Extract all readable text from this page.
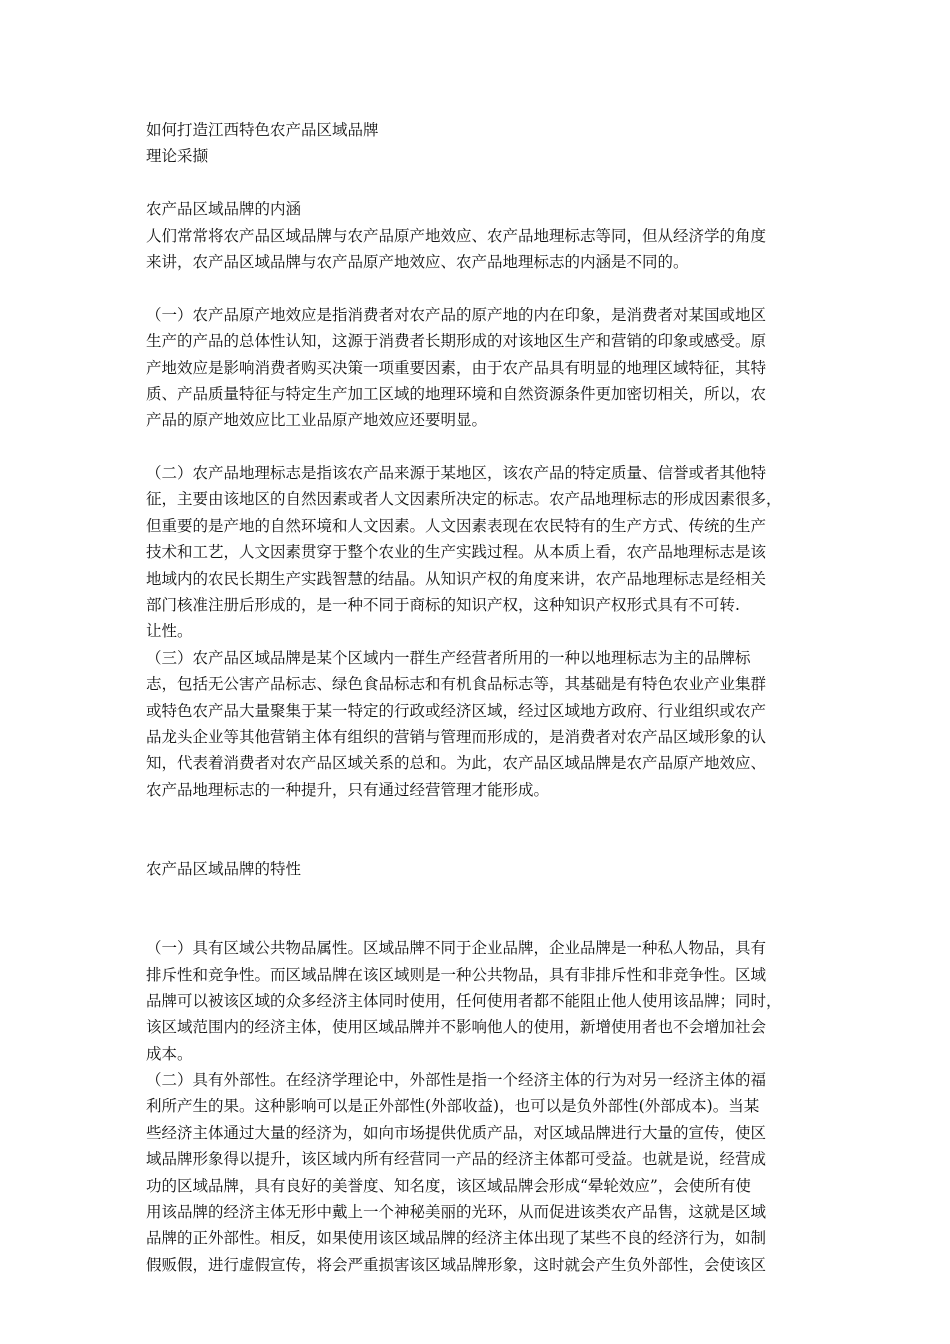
如何打造江西特色农产品区域品牌

理论采撷

农产品区域品牌的内涵

人们常常将农产品区域品牌与农产品原产地效应、农产品地理标志等同，但从经济学的角度

来讲，农产品区域品牌与农产品原产地效应、农产品地理标志的内涵是不同的。

（一）农产品原产地效应是指消费者对农产品的原产地的内在印象，是消费者对某国或地区

生产的产品的总体性认知，这源于消费者长期形成的对该地区生产和营销的印象或感受。原

产地效应是影响消费者购买决策一项重要因素，由于农产品具有明显的地理区域特征，其特

质、产品质量特征与特定生产加工区域的地理环境和自然资源条件更加密切相关，所以，农

产品的原产地效应比工业品原产地效应还要明显。

（二）农产品地理标志是指该农产品来源于某地区，该农产品的特定质量、信誉或者其他特

征，主要由该地区的自然因素或者人文因素所决定的标志。农产品地理标志的形成因素很多，

但重要的是产地的自然环境和人文因素。人文因素表现在农民特有的生产方式、传统的生产

技术和工艺，人文因素贯穿于整个农业的生产实践过程。从本质上看，农产品地理标志是该

地域内的农民长期生产实践智慧的结晶。从知识产权的角度来讲，农产品地理标志是经相关

部门核准注册后形成的，是一种不同于商标的知识产权，这种知识产权形式具有不可转.

让性。

（三）农产品区域品牌是某个区域内一群生产经营者所用的一种以地理标志为主的品牌标

志，包括无公害产品标志、绿色食品标志和有机食品标志等，其基础是有特色农业产业集群

或特色农产品大量聚集于某一特定的行政或经济区域，经过区域地方政府、行业组织或农产

品龙头企业等其他营销主体有组织的营销与管理而形成的，是消费者对农产品区域形象的认

知，代表着消费者对农产品区域关系的总和。为此，农产品区域品牌是农产品原产地效应、

农产品地理标志的一种提升，只有通过经营管理才能形成。

农产品区域品牌的特性

（一）具有区域公共物品属性。区域品牌不同于企业品牌，企业品牌是一种私人物品，具有

排斥性和竞争性。而区域品牌在该区域则是一种公共物品，具有非排斥性和非竞争性。区域

品牌可以被该区域的众多经济主体同时使用，任何使用者都不能阻止他人使用该品牌；同时，

该区域范围内的经济主体，使用区域品牌并不影响他人的使用，新增使用者也不会增加社会

成本。

（二）具有外部性。在经济学理论中，外部性是指一个经济主体的行为对另一经济主体的福

利所产生的果。这种影响可以是正外部性(外部收益)，也可以是负外部性(外部成本)。当某

些经济主体通过大量的经济为，如向市场提供优质产品，对区域品牌进行大量的宣传，使区

域品牌形象得以提升，该区域内所有经营同一产品的经济主体都可受益。也就是说，经营成

功的区域品牌，具有良好的美誉度、知名度，该区域品牌会形成“晕轮效应”，会使所有使

用该品牌的经济主体无形中戴上一个神秘美丽的光环，从而促进该类农产品售，这就是区域

品牌的正外部性。相反，如果使用该区域品牌的经济主体出现了某些不良的经济行为，如制

假贩假，进行虚假宣传，将会严重损害该区域品牌形象，这时就会产生负外部性，会使该区
